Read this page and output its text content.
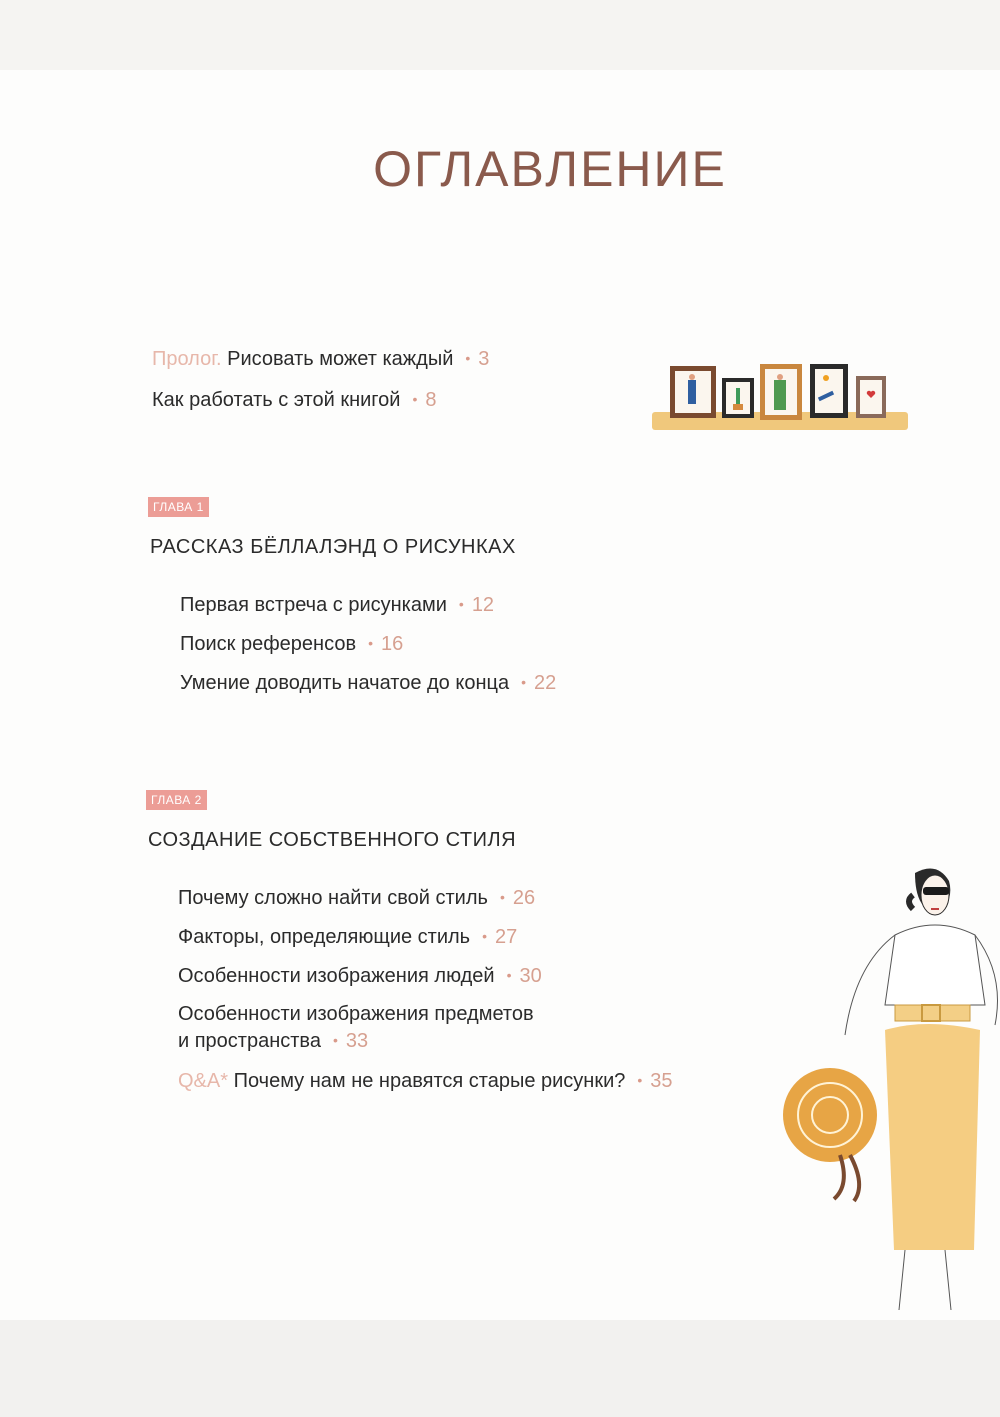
ОГЛАВЛЕНИЕ
Пролог. Рисовать может каждый • 3
Как работать с этой книгой • 8
ГЛАВА 1
РАССКАЗ БЁЛЛАЛЭНД О РИСУНКАХ
Первая встреча с рисунками • 12
Поиск референсов • 16
Умение доводить начатое до конца • 22
ГЛАВА 2
СОЗДАНИЕ СОБСТВЕННОГО СТИЛЯ
Почему сложно найти свой стиль • 26
Факторы, определяющие стиль • 27
Особенности изображения людей • 30
Особенности изображения предметов
и пространства • 33
Q&A* Почему нам не нравятся старые рисунки? • 35
